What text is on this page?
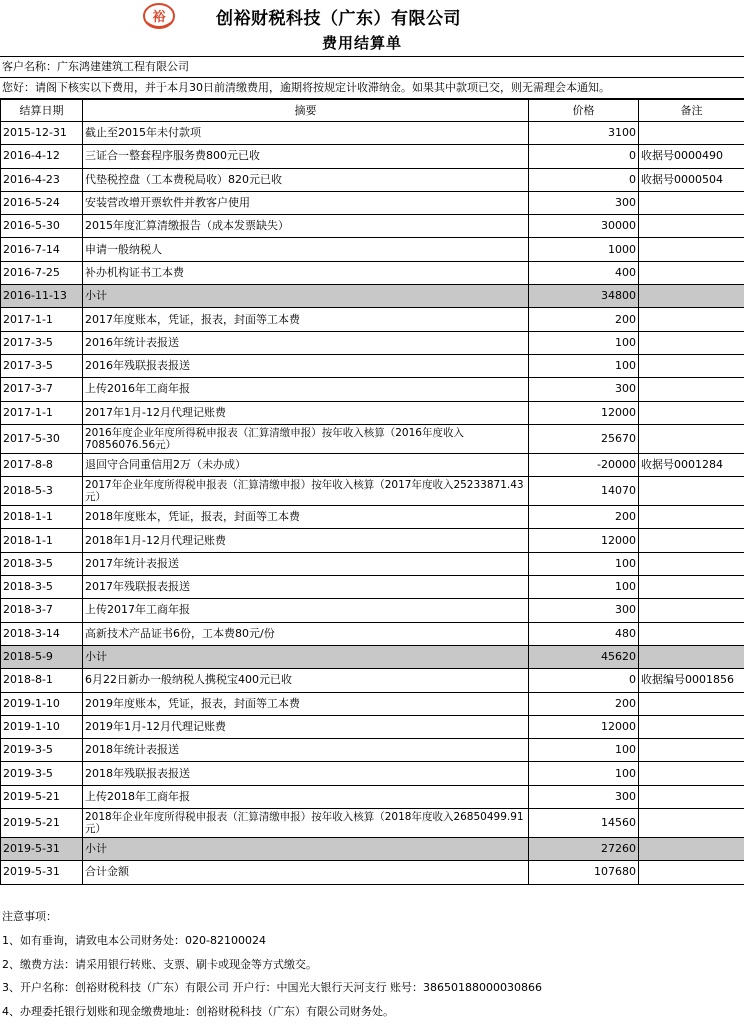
裕	创裕财税科技（广东）有限公司
费用结算单
客户名称：广东鸿建建筑工程有限公司
您好：请阁下核实以下费用，并于本月30日前清缴费用，逾期将按规定计收滞纳金。如果其中款项已交，则无需理会本通知。
结算日期	摘要	价格	备注
2015-12-31	截止至2015年未付款项	3100	
2016-4-12	三证合一整套程序服务费800元已收	0	收据号0000490
2016-4-23	代垫税控盘（工本费税局收）820元已收	0	收据号0000504
2016-5-24	安装营改增开票软件并教客户使用	300	
2016-5-30	2015年度汇算清缴报告（成本发票缺失）	30000	
2016-7-14	申请一般纳税人	1000	
2016-7-25	补办机构证书工本费	400	
2016-11-13	小计	34800	
2017-1-1	2017年度账本，凭证，报表，封面等工本费	200	
2017-3-5	2016年统计表报送	100	
2017-3-5	2016年残联报表报送	100	
2017-3-7	上传2016年工商年报	300	
2017-1-1	2017年1月-12月代理记账费	12000	
2017-5-30	2016年度企业年度所得税申报表（汇算清缴申报）按年收入核算（2016年度收入70856076.56元）	25670	
2017-8-8	退回守合同重信用2万（未办成）	-20000	收据号0001284
2018-5-3	2017年企业年度所得税申报表（汇算清缴申报）按年收入核算（2017年度收入25233871.43元）	14070	
2018-1-1	2018年度账本，凭证，报表，封面等工本费	200	
2018-1-1	2018年1月-12月代理记账费	12000	
2018-3-5	2017年统计表报送	100	
2018-3-5	2017年残联报表报送	100	
2018-3-7	上传2017年工商年报	300	
2018-3-14	高新技术产品证书6份，工本费80元/份	480	
2018-5-9	小计	45620	
2018-8-1	6月22日新办一般纳税人携税宝400元已收	0	收据编号0001856
2019-1-10	2019年度账本，凭证，报表，封面等工本费	200	
2019-1-10	2019年1月-12月代理记账费	12000	
2019-3-5	2018年统计表报送	100	
2019-3-5	2018年残联报表报送	100	
2019-5-21	上传2018年工商年报	300	
2019-5-21	2018年企业年度所得税申报表（汇算清缴申报）按年收入核算（2018年度收入26850499.91元）	14560	
2019-5-31	小计	27260	
2019-5-31	合计金额	107680	
注意事项：
1、如有垂询，请致电本公司财务处：020-82100024
2、缴费方法：请采用银行转账、支票、刷卡或现金等方式缴交。
3、开户名称：创裕财税科技（广东）有限公司 开户行：中国光大银行天河支行 账号：38650188000030866
4、办理委托银行划账和现金缴费地址：创裕财税科技（广东）有限公司财务处。
